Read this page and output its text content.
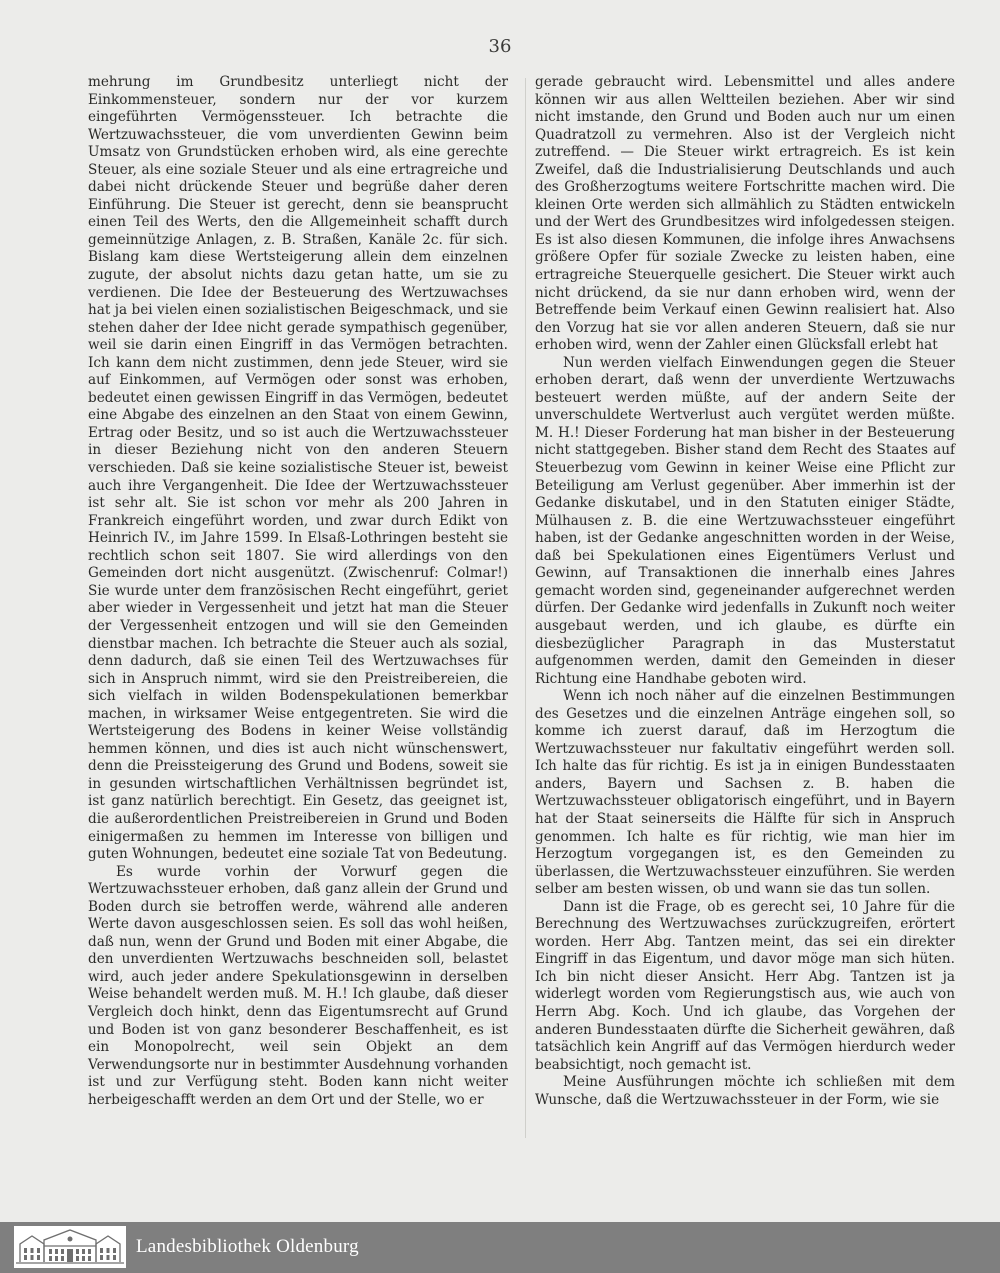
36

mehrung im Grundbesitz unterliegt nicht der Einkommensteuer, sondern nur der vor kurzem eingeführten Vermögenssteuer. Ich betrachte die Wertzuwachssteuer, die vom unverdienten Gewinn beim Umsatz von Grundstücken erhoben wird, als eine gerechte Steuer, als eine soziale Steuer und als eine ertragreiche und dabei nicht drückende Steuer und begrüße daher deren Einführung. Die Steuer ist gerecht, denn sie beansprucht einen Teil des Werts, den die Allgemeinheit schafft durch gemeinnützige Anlagen, z. B. Straßen, Kanäle 2c. für sich. Bislang kam diese Wertsteigerung allein dem einzelnen zugute, der absolut nichts dazu getan hatte, um sie zu verdienen. Die Idee der Besteuerung des Wertzuwachses hat ja bei vielen einen sozialistischen Beigeschmack, und sie stehen daher der Idee nicht gerade sympathisch gegenüber, weil sie darin einen Eingriff in das Vermögen betrachten. Ich kann dem nicht zustimmen, denn jede Steuer, wird sie auf Einkommen, auf Vermögen oder sonst was erhoben, bedeutet einen gewissen Eingriff in das Vermögen, bedeutet eine Abgabe des einzelnen an den Staat von einem Gewinn, Ertrag oder Besitz, und so ist auch die Wertzuwachssteuer in dieser Beziehung nicht von den anderen Steuern verschieden. Daß sie keine sozialistische Steuer ist, beweist auch ihre Vergangenheit. Die Idee der Wertzuwachssteuer ist sehr alt. Sie ist schon vor mehr als 200 Jahren in Frankreich eingeführt worden, und zwar durch Edikt von Heinrich IV., im Jahre 1599. In Elsaß-Lothringen besteht sie rechtlich schon seit 1807. Sie wird allerdings von den Gemeinden dort nicht ausgenützt. (Zwischenruf: Colmar!) Sie wurde unter dem französischen Recht eingeführt, geriet aber wieder in Vergessenheit und jetzt hat man die Steuer der Vergessenheit entzogen und will sie den Gemeinden dienstbar machen. Ich betrachte die Steuer auch als sozial, denn dadurch, daß sie einen Teil des Wertzuwachses für sich in Anspruch nimmt, wird sie den Preistreibereien, die sich vielfach in wilden Bodenspekulationen bemerkbar machen, in wirksamer Weise entgegentreten. Sie wird die Wertsteigerung des Bodens in keiner Weise vollständig hemmen können, und dies ist auch nicht wünschenswert, denn die Preissteigerung des Grund und Bodens, soweit sie in gesunden wirtschaftlichen Verhältnissen begründet ist, ist ganz natürlich berechtigt. Ein Gesetz, das geeignet ist, die außerordentlichen Preistreibereien in Grund und Boden einigermaßen zu hemmen im Interesse von billigen und guten Wohnungen, bedeutet eine soziale Tat von Bedeutung.

Es wurde vorhin der Vorwurf gegen die Wertzuwachssteuer erhoben, daß ganz allein der Grund und Boden durch sie betroffen werde, während alle anderen Werte davon ausgeschlossen seien. Es soll das wohl heißen, daß nun, wenn der Grund und Boden mit einer Abgabe, die den unverdienten Wertzuwachs beschneiden soll, belastet wird, auch jeder andere Spekulationsgewinn in derselben Weise behandelt werden muß. M. H.! Ich glaube, daß dieser Vergleich doch hinkt, denn das Eigentumsrecht auf Grund und Boden ist von ganz besonderer Beschaffenheit, es ist ein Monopolrecht, weil sein Objekt an dem Verwendungsorte nur in bestimmter Ausdehnung vorhanden ist und zur Verfügung steht. Boden kann nicht weiter herbeigeschafft werden an dem Ort und der Stelle, wo er

gerade gebraucht wird. Lebensmittel und alles andere können wir aus allen Weltteilen beziehen. Aber wir sind nicht imstande, den Grund und Boden auch nur um einen Quadratzoll zu vermehren. Also ist der Vergleich nicht zutreffend. — Die Steuer wirkt ertragreich. Es ist kein Zweifel, daß die Industrialisierung Deutschlands und auch des Großherzogtums weitere Fortschritte machen wird. Die kleinen Orte werden sich allmählich zu Städten entwickeln und der Wert des Grundbesitzes wird infolgedessen steigen. Es ist also diesen Kommunen, die infolge ihres Anwachsens größere Opfer für soziale Zwecke zu leisten haben, eine ertragreiche Steuerquelle gesichert. Die Steuer wirkt auch nicht drückend, da sie nur dann erhoben wird, wenn der Betreffende beim Verkauf einen Gewinn realisiert hat. Also den Vorzug hat sie vor allen anderen Steuern, daß sie nur erhoben wird, wenn der Zahler einen Glücksfall erlebt hat

Nun werden vielfach Einwendungen gegen die Steuer erhoben derart, daß wenn der unverdiente Wertzuwachs besteuert werden müßte, auf der andern Seite der unverschuldete Wertverlust auch vergütet werden müßte. M. H.! Dieser Forderung hat man bisher in der Besteuerung nicht stattgegeben. Bisher stand dem Recht des Staates auf Steuerbezug vom Gewinn in keiner Weise eine Pflicht zur Beteiligung am Verlust gegenüber. Aber immerhin ist der Gedanke diskutabel, und in den Statuten einiger Städte, Mülhausen z. B. die eine Wertzuwachssteuer eingeführt haben, ist der Gedanke angeschnitten worden in der Weise, daß bei Spekulationen eines Eigentümers Verlust und Gewinn, auf Transaktionen die innerhalb eines Jahres gemacht worden sind, gegeneinander aufgerechnet werden dürfen. Der Gedanke wird jedenfalls in Zukunft noch weiter ausgebaut werden, und ich glaube, es dürfte ein diesbezüglicher Paragraph in das Musterstatut aufgenommen werden, damit den Gemeinden in dieser Richtung eine Handhabe geboten wird.

Wenn ich noch näher auf die einzelnen Bestimmungen des Gesetzes und die einzelnen Anträge eingehen soll, so komme ich zuerst darauf, daß im Herzogtum die Wertzuwachssteuer nur fakultativ eingeführt werden soll. Ich halte das für richtig. Es ist ja in einigen Bundesstaaten anders, Bayern und Sachsen z. B. haben die Wertzuwachssteuer obligatorisch eingeführt, und in Bayern hat der Staat seinerseits die Hälfte für sich in Anspruch genommen. Ich halte es für richtig, wie man hier im Herzogtum vorgegangen ist, es den Gemeinden zu überlassen, die Wertzuwachssteuer einzuführen. Sie werden selber am besten wissen, ob und wann sie das tun sollen.

Dann ist die Frage, ob es gerecht sei, 10 Jahre für die Berechnung des Wertzuwachses zurückzugreifen, erörtert worden. Herr Abg. Tantzen meint, das sei ein direkter Eingriff in das Eigentum, und davor möge man sich hüten. Ich bin nicht dieser Ansicht. Herr Abg. Tantzen ist ja widerlegt worden vom Regierungstisch aus, wie auch von Herrn Abg. Koch. Und ich glaube, das Vorgehen der anderen Bundesstaaten dürfte die Sicherheit gewähren, daß tatsächlich kein Angriff auf das Vermögen hierdurch weder beabsichtigt, noch gemacht ist.

Meine Ausführungen möchte ich schließen mit dem Wunsche, daß die Wertzuwachssteuer in der Form, wie sie

Landesbibliothek Oldenburg
